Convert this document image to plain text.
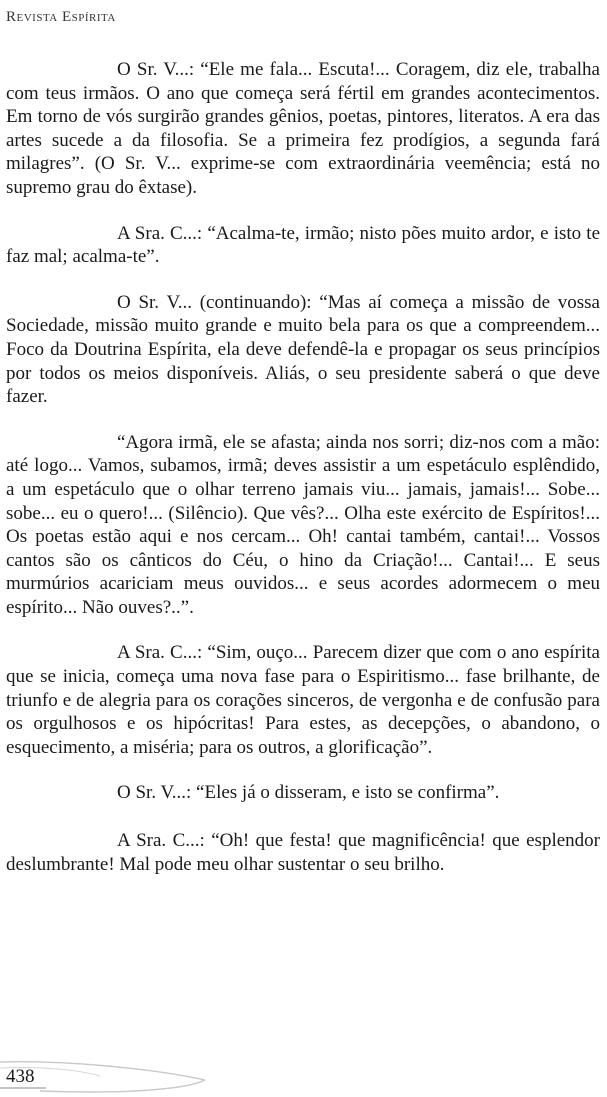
Revista Espírita

O Sr. V...: “Ele me fala... Escuta!... Coragem, diz ele, trabalha com teus irmãos. O ano que começa será fértil em grandes acontecimentos. Em torno de vós surgirão grandes gênios, poetas, pintores, literatos. A era das artes sucede a da filosofia. Se a primeira fez prodígios, a segunda fará milagres”. (O Sr. V... exprime-se com extraordinária veemência; está no supremo grau do êxtase).

A Sra. C...: “Acalma-te, irmão; nisto pões muito ardor, e isto te faz mal; acalma-te”.

O Sr. V... (continuando): “Mas aí começa a missão de vossa Sociedade, missão muito grande e muito bela para os que a compreendem... Foco da Doutrina Espírita, ela deve defendê-la e propagar os seus princípios por todos os meios disponíveis. Aliás, o seu presidente saberá o que deve fazer.

“Agora irmã, ele se afasta; ainda nos sorri; diz-nos com a mão: até logo... Vamos, subamos, irmã; deves assistir a um espetáculo esplêndido, a um espetáculo que o olhar terreno jamais viu... jamais, jamais!... Sobe... sobe... eu o quero!... (Silêncio). Que vês?... Olha este exército de Espíritos!... Os poetas estão aqui e nos cercam... Oh! cantai também, cantai!... Vossos cantos são os cânticos do Céu, o hino da Criação!... Cantai!... E seus murmúrios acariciam meus ouvidos... e seus acordes adormecem o meu espírito... Não ouves?..”.

A Sra. C...: “Sim, ouço... Parecem dizer que com o ano espírita que se inicia, começa uma nova fase para o Espiritismo... fase brilhante, de triunfo e de alegria para os corações sinceros, de vergonha e de confusão para os orgulhosos e os hipócritas! Para estes, as decepções, o abandono, o esquecimento, a miséria; para os outros, a glorificação”.

O Sr. V...: “Eles já o disseram, e isto se confirma”.

A Sra. C...: “Oh! que festa! que magnificência! que esplendor deslumbrante! Mal pode meu olhar sustentar o seu brilho.

438
